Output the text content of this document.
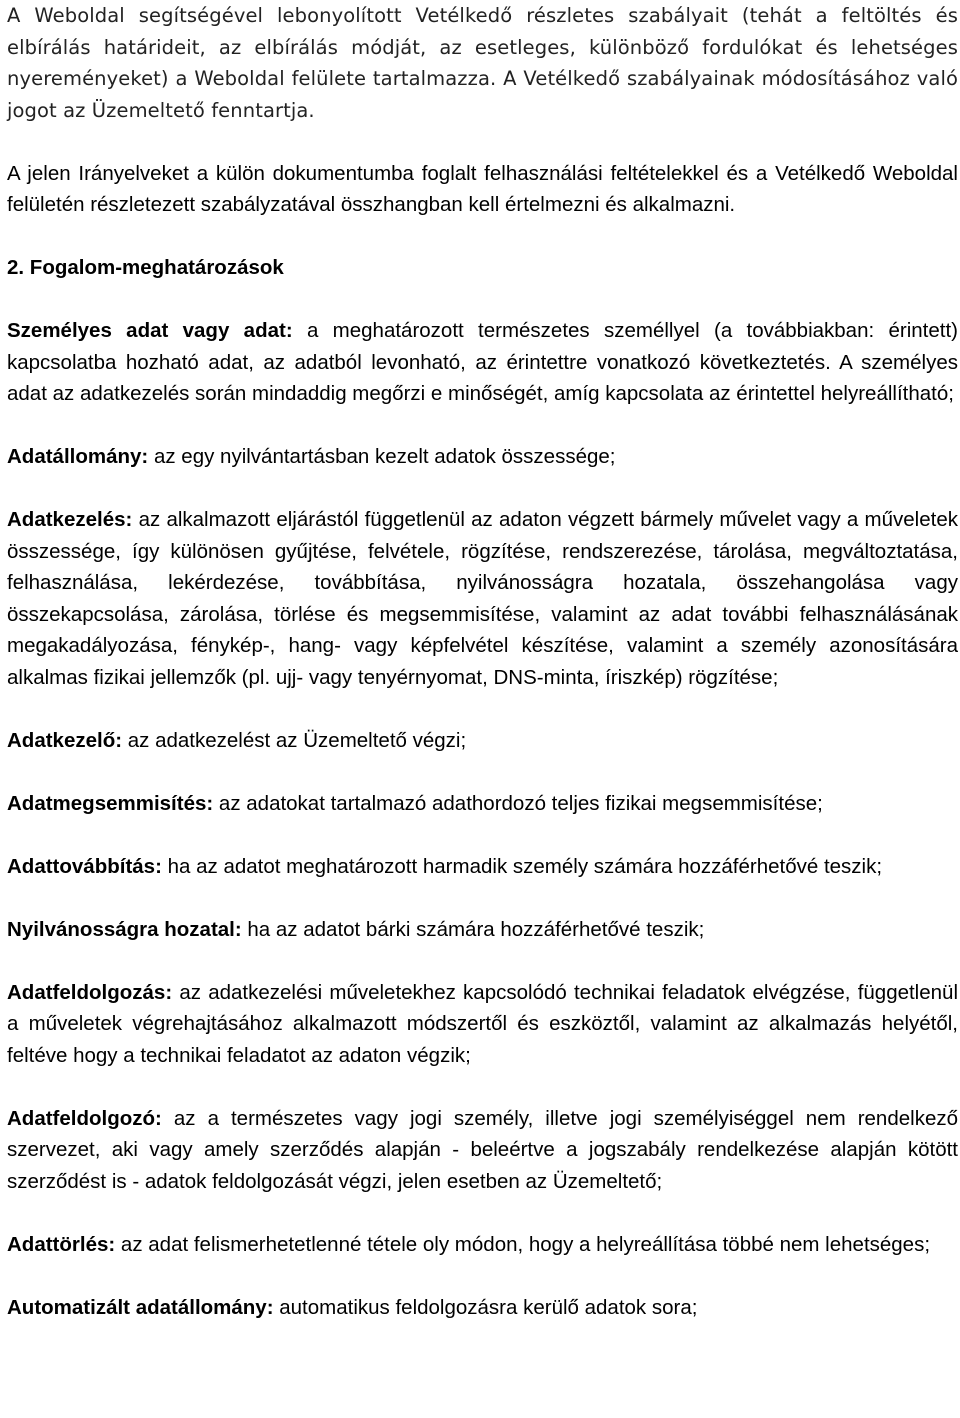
A Weboldal segítségével lebonyolított Vetélkedő részletes szabályait (tehát a feltöltés és elbírálás határideit, az elbírálás módját, az esetleges, különböző fordulókat és lehetséges nyereményeket) a Weboldal felülete tartalmazza. A Vetélkedő szabályainak módosításához való jogot az Üzemeltető fenntartja.

A jelen Irányelveket a külön dokumentumba foglalt felhasználási feltételekkel és a Vetélkedő Weboldal felületén részletezett szabályzatával összhangban kell értelmezni és alkalmazni.

2. Fogalom-meghatározások

Személyes adat vagy adat: a meghatározott természetes személlyel (a továbbiakban: érintett) kapcsolatba hozható adat, az adatból levonható, az érintettre vonatkozó következtetés. A személyes adat az adatkezelés során mindaddig megőrzi e minőségét, amíg kapcsolata az érintettel helyreállítható;

Adatállomány: az egy nyilvántartásban kezelt adatok összessége;

Adatkezelés: az alkalmazott eljárástól függetlenül az adaton végzett bármely művelet vagy a műveletek összessége, így különösen gyűjtése, felvétele, rögzítése, rendszerezése, tárolása, megváltoztatása, felhasználása, lekérdezése, továbbítása, nyilvánosságra hozatala, összehangolása vagy összekapcsolása, zárolása, törlése és megsemmisítése, valamint az adat további felhasználásának megakadályozása, fénykép-, hang- vagy képfelvétel készítése, valamint a személy azonosítására alkalmas fizikai jellemzők (pl. ujj- vagy tenyérnyomat, DNS-minta, íriszkép) rögzítése;

Adatkezelő: az adatkezelést az Üzemeltető végzi;

Adatmegsemmisítés: az adatokat tartalmazó adathordozó teljes fizikai megsemmisítése;

Adattovábbítás: ha az adatot meghatározott harmadik személy számára hozzáférhetővé teszik;

Nyilvánosságra hozatal: ha az adatot bárki számára hozzáférhetővé teszik;

Adatfeldolgozás: az adatkezelési műveletekhez kapcsolódó technikai feladatok elvégzése, függetlenül a műveletek végrehajtásához alkalmazott módszertől és eszköztől, valamint az alkalmazás helyétől, feltéve hogy a technikai feladatot az adaton végzik;

Adatfeldolgozó: az a természetes vagy jogi személy, illetve jogi személyiséggel nem rendelkező szervezet, aki vagy amely szerződés alapján - beleértve a jogszabály rendelkezése alapján kötött szerződést is - adatok feldolgozását végzi, jelen esetben az Üzemeltető;

Adattörlés: az adat felismerhetetlenné tétele oly módon, hogy a helyreállítása többé nem lehetséges;

Automatizált adatállomány: automatikus feldolgozásra kerülő adatok sora;
